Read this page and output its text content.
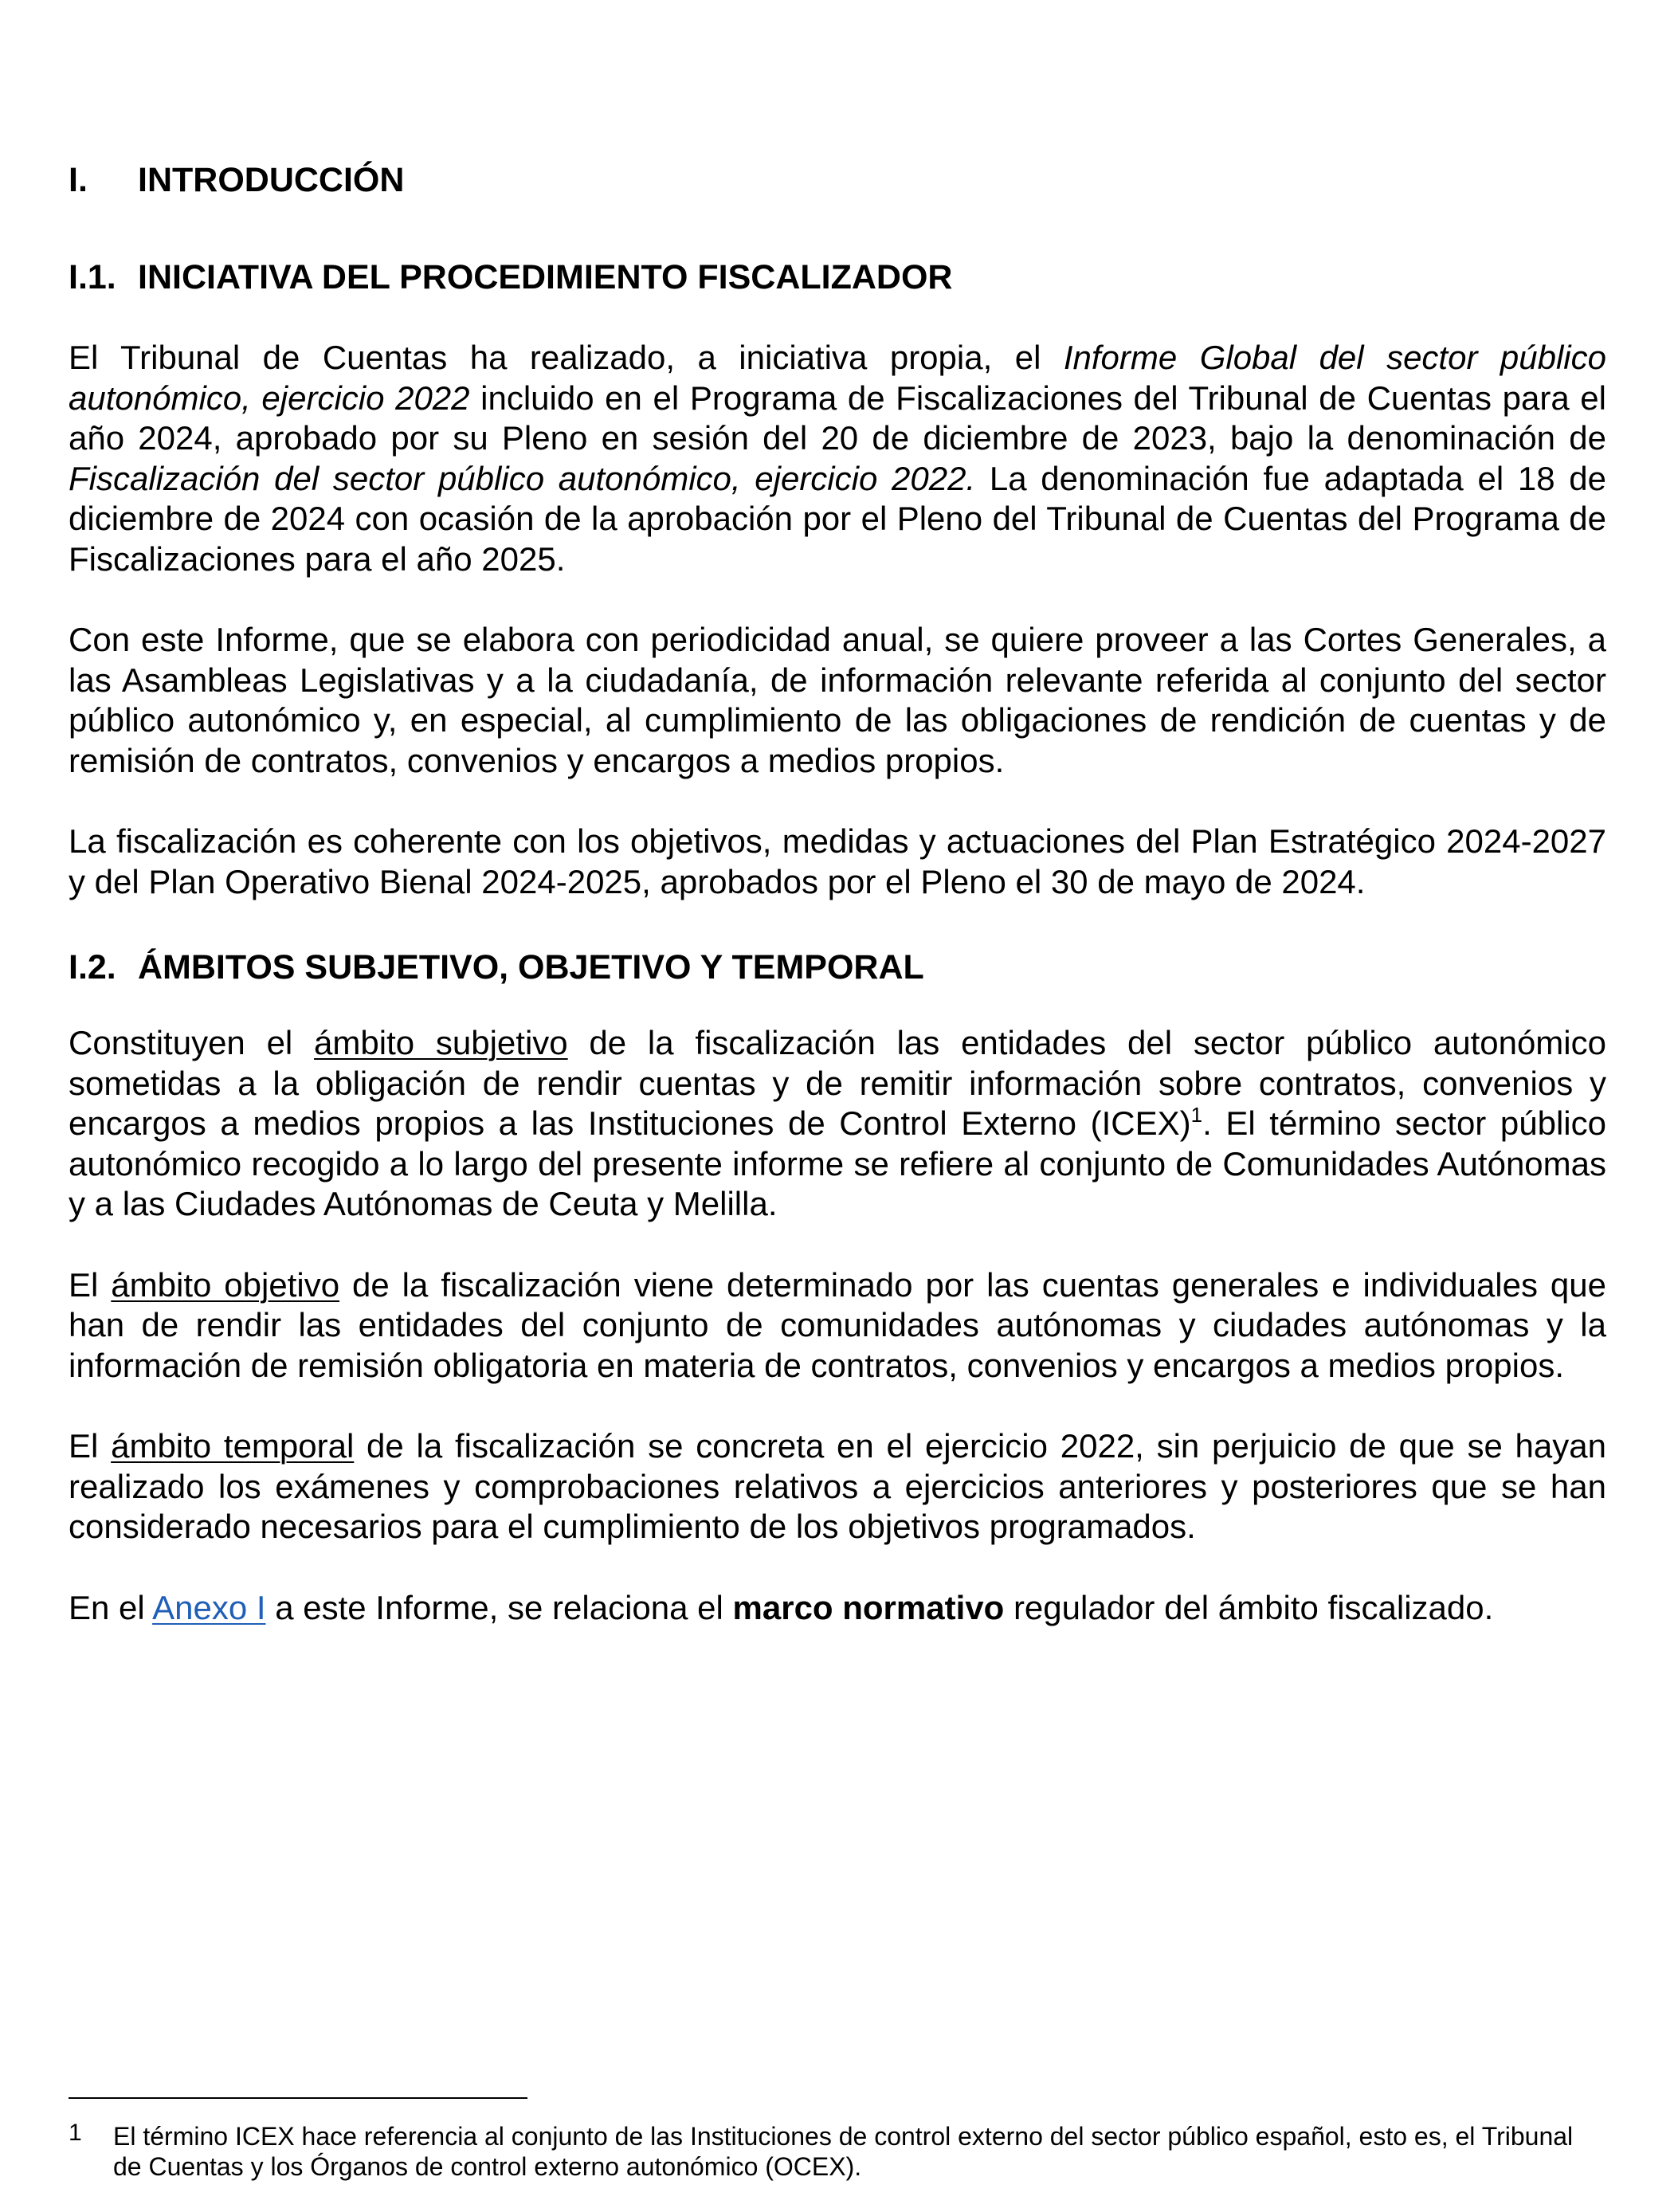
I. INTRODUCCIÓN
I.1. INICIATIVA DEL PROCEDIMIENTO FISCALIZADOR

El Tribunal de Cuentas ha realizado, a iniciativa propia, el Informe Global del sector público autonómico, ejercicio 2022 incluido en el Programa de Fiscalizaciones del Tribunal de Cuentas para el año 2024, aprobado por su Pleno en sesión del 20 de diciembre de 2023, bajo la denominación de Fiscalización del sector público autonómico, ejercicio 2022. La denominación fue adaptada el 18 de diciembre de 2024 con ocasión de la aprobación por el Pleno del Tribunal de Cuentas del Programa de Fiscalizaciones para el año 2025.

Con este Informe, que se elabora con periodicidad anual, se quiere proveer a las Cortes Generales, a las Asambleas Legislativas y a la ciudadanía, de información relevante referida al conjunto del sector público autonómico y, en especial, al cumplimiento de las obligaciones de rendición de cuentas y de remisión de contratos, convenios y encargos a medios propios.

La fiscalización es coherente con los objetivos, medidas y actuaciones del Plan Estratégico 2024-2027 y del Plan Operativo Bienal 2024-2025, aprobados por el Pleno el 30 de mayo de 2024.

I.2. ÁMBITOS SUBJETIVO, OBJETIVO Y TEMPORAL

Constituyen el ámbito subjetivo de la fiscalización las entidades del sector público autonómico sometidas a la obligación de rendir cuentas y de remitir información sobre contratos, convenios y encargos a medios propios a las Instituciones de Control Externo (ICEX)$^1$. El término sector público autonómico recogido a lo largo del presente informe se refiere al conjunto de Comunidades Autónomas y a las Ciudades Autónomas de Ceuta y Melilla.

El ámbito objetivo de la fiscalización viene determinado por las cuentas generales e individuales que han de rendir las entidades del conjunto de comunidades autónomas y ciudades autónomas y la información de remisión obligatoria en materia de contratos, convenios y encargos a medios propios.

El ámbito temporal de la fiscalización se concreta en el ejercicio 2022, sin perjuicio de que se hayan realizado los exámenes y comprobaciones relativos a ejercicios anteriores y posteriores que se han considerado necesarios para el cumplimiento de los objetivos programados.

En el Anexo I a este Informe, se relaciona el marco normativo regulador del ámbito fiscalizado.

1 El término ICEX hace referencia al conjunto de las Instituciones de control externo del sector público español, esto es, el Tribunal de Cuentas y los Órganos de control externo autonómico (OCEX).
